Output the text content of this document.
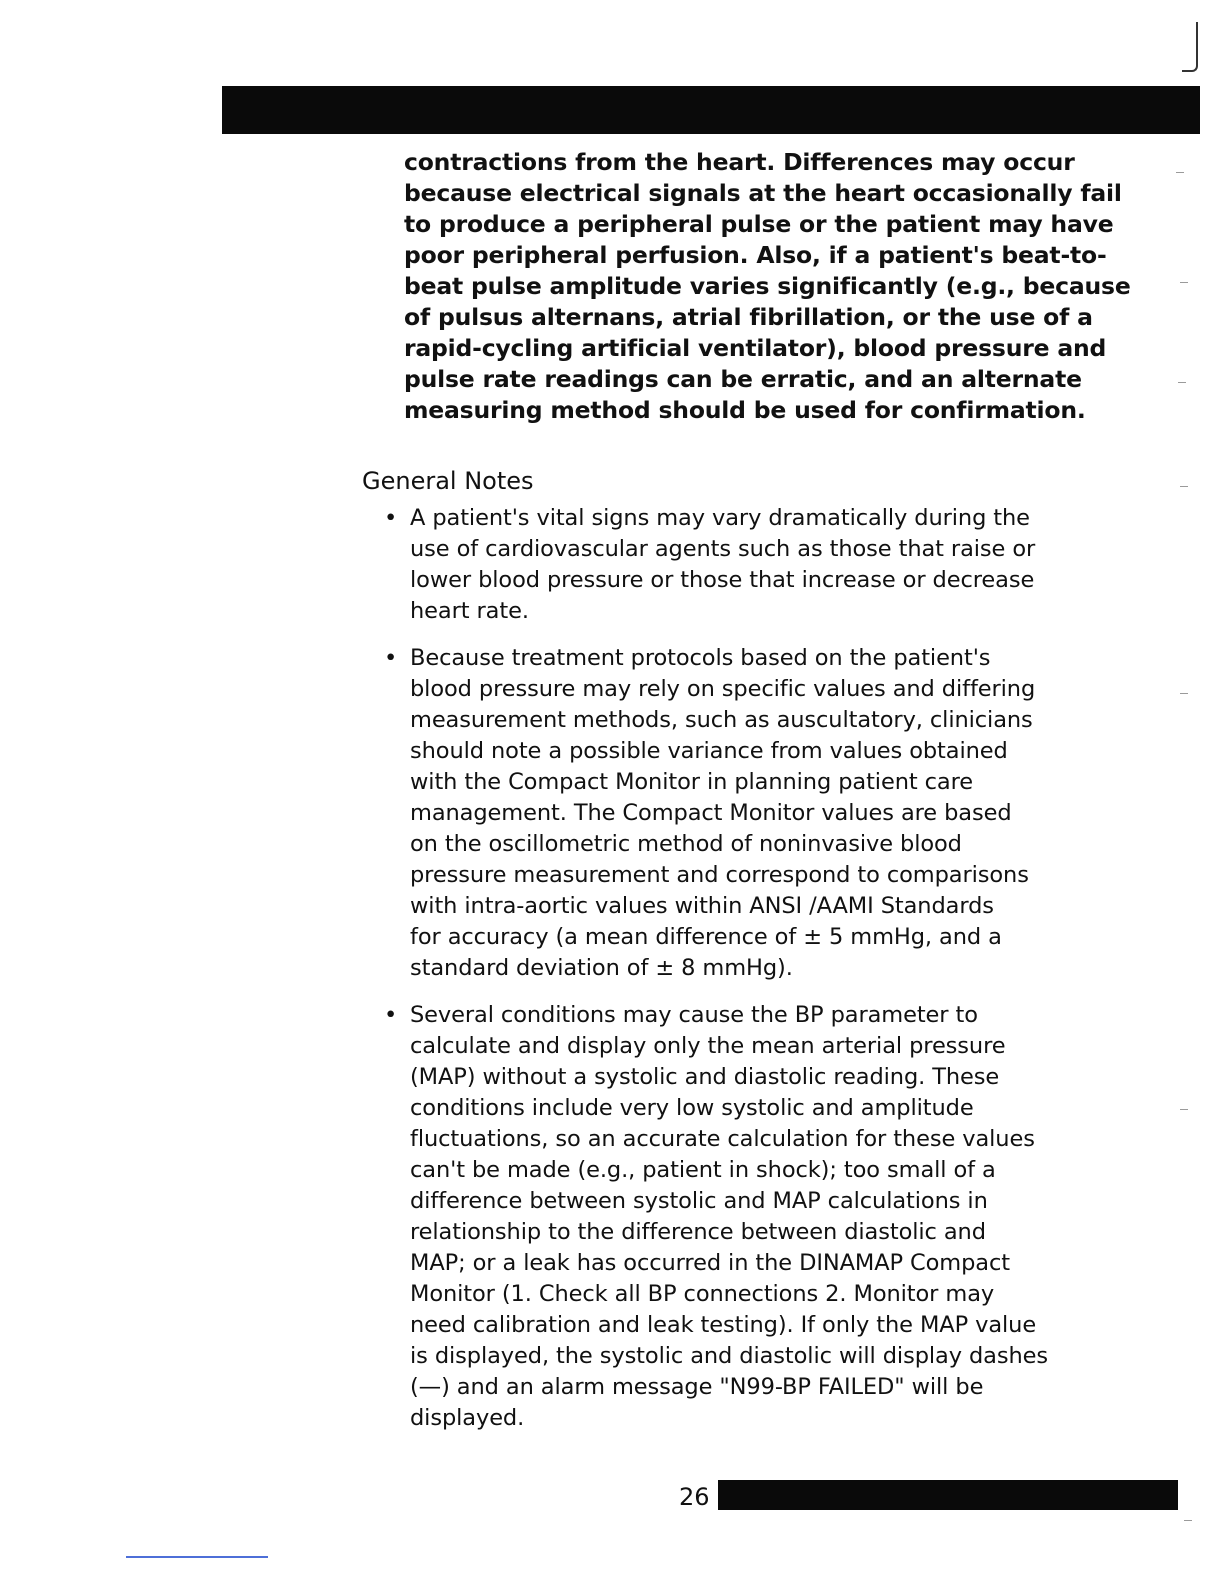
contractions from the heart. Differences may occur
because electrical signals at the heart occasionally fail
to produce a peripheral pulse or the patient may have
poor peripheral perfusion. Also, if a patient's beat-to-
beat pulse amplitude varies significantly (e.g., because
of pulsus alternans, atrial fibrillation, or the use of a
rapid-cycling artificial ventilator), blood pressure and
pulse rate readings can be erratic, and an alternate
measuring method should be used for confirmation.
General Notes
• A patient's vital signs may vary dramatically during the
use of cardiovascular agents such as those that raise or
lower blood pressure or those that increase or decrease
heart rate.
• Because treatment protocols based on the patient's
blood pressure may rely on specific values and differing
measurement methods, such as auscultatory, clinicians
should note a possible variance from values obtained
with the Compact Monitor in planning patient care
management. The Compact Monitor values are based
on the oscillometric method of noninvasive blood
pressure measurement and correspond to comparisons
with intra-aortic values within ANSI /AAMI Standards
for accuracy (a mean difference of ± 5 mmHg, and a
standard deviation of ± 8 mmHg).
• Several conditions may cause the BP parameter to
calculate and display only the mean arterial pressure
(MAP) without a systolic and diastolic reading. These
conditions include very low systolic and amplitude
fluctuations, so an accurate calculation for these values
can't be made (e.g., patient in shock); too small of a
difference between systolic and MAP calculations in
relationship to the difference between diastolic and
MAP; or a leak has occurred in the DINAMAP Compact
Monitor (1. Check all BP connections 2. Monitor may
need calibration and leak testing). If only the MAP value
is displayed, the systolic and diastolic will display dashes
(—) and an alarm message "N99-BP FAILED" will be
displayed.
26
